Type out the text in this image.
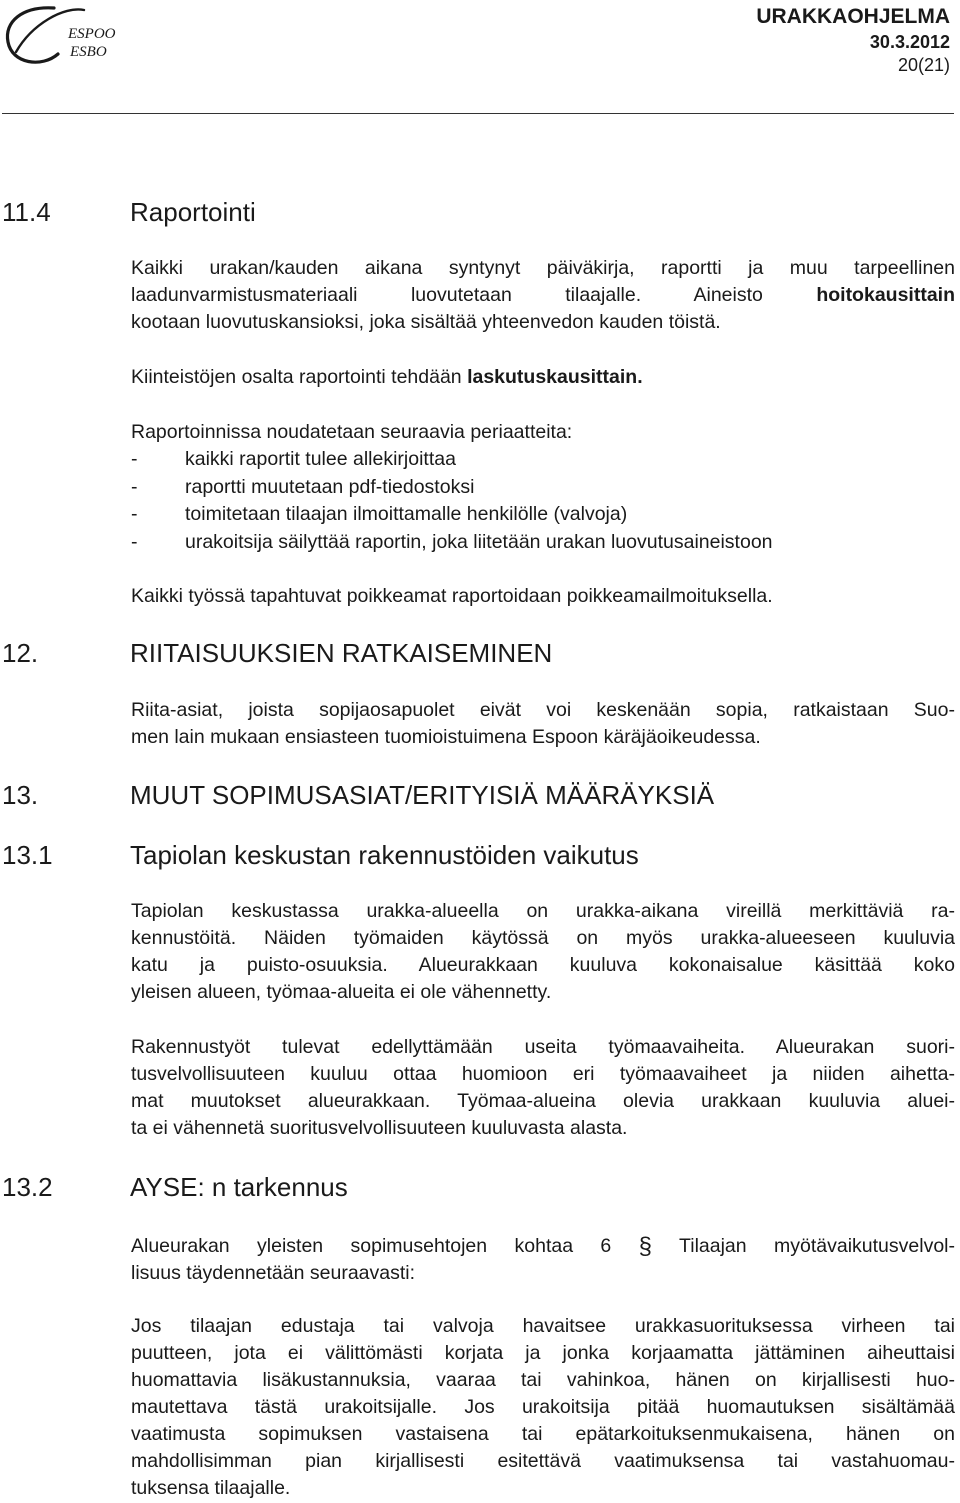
ESPOO
ESBO
URAKKAOHJELMA
30.3.2012
20(21)
11.4	Raportointi
Kaikki urakan/kauden aikana syntynyt päiväkirja, raportti ja muu tarpeellinen
laadunvarmistusmateriaali luovutetaan tilaajalle. Aineisto hoitokausittain
kootaan luovutuskansioksi, joka sisältää yhteenvedon kauden töistä.
Kiinteistöjen osalta raportointi tehdään laskutuskausittain.
Raportoinnissa noudatetaan seuraavia periaatteita:
- kaikki raportit tulee allekirjoittaa
- raportti muutetaan pdf-tiedostoksi
- toimitetaan tilaajan ilmoittamalle henkilölle (valvoja)
- urakoitsija säilyttää raportin, joka liitetään urakan luovutusaineistoon
Kaikki työssä tapahtuvat poikkeamat raportoidaan poikkeamailmoituksella.
12.	RIITAISUUKSIEN RATKAISEMINEN
Riita-asiat, joista sopijaosapuolet eivät voi keskenään sopia, ratkaistaan Suo-
men lain mukaan ensiasteen tuomioistuimena Espoon käräjäoikeudessa.
13.	MUUT SOPIMUSASIAT/ERITYISIÄ MÄÄRÄYKSIÄ
13.1	Tapiolan keskustan rakennustöiden vaikutus
Tapiolan keskustassa urakka-alueella on urakka-aikana vireillä merkittäviä ra-
kennustöitä. Näiden työmaiden käytössä on myös urakka-alueeseen kuuluvia
katu ja puisto-osuuksia. Alueurakkaan kuuluva kokonaisalue käsittää koko
yleisen alueen, työmaa-alueita ei ole vähennetty.
Rakennustyöt tulevat edellyttämään useita työmaavaiheita. Alueurakan suori-
tusvelvollisuuteen kuuluu ottaa huomioon eri työmaavaiheet ja niiden aihetta-
mat muutokset alueurakkaan. Työmaa-alueina olevia urakkaan kuuluvia aluei-
ta ei vähennetä suoritusvelvollisuuteen kuuluvasta alasta.
13.2	AYSE: n tarkennus
Alueurakan yleisten sopimusehtojen kohtaa 6 § Tilaajan myötävaikutusvelvol-
lisuus täydennetään seuraavasti:
Jos tilaajan edustaja tai valvoja havaitsee urakkasuorituksessa virheen tai
puutteen, jota ei välittömästi korjata ja jonka korjaamatta jättäminen aiheuttaisi
huomattavia lisäkustannuksia, vaaraa tai vahinkoa, hänen on kirjallisesti huo-
mautettava tästä urakoitsijalle. Jos urakoitsija pitää huomautuksen sisältämää
vaatimusta sopimuksen vastaisena tai epätarkoituksenmukaisena, hänen on
mahdollisimman pian kirjallisesti esitettävä vaatimuksensa tai vastahuomau-
tuksensa tilaajalle.
